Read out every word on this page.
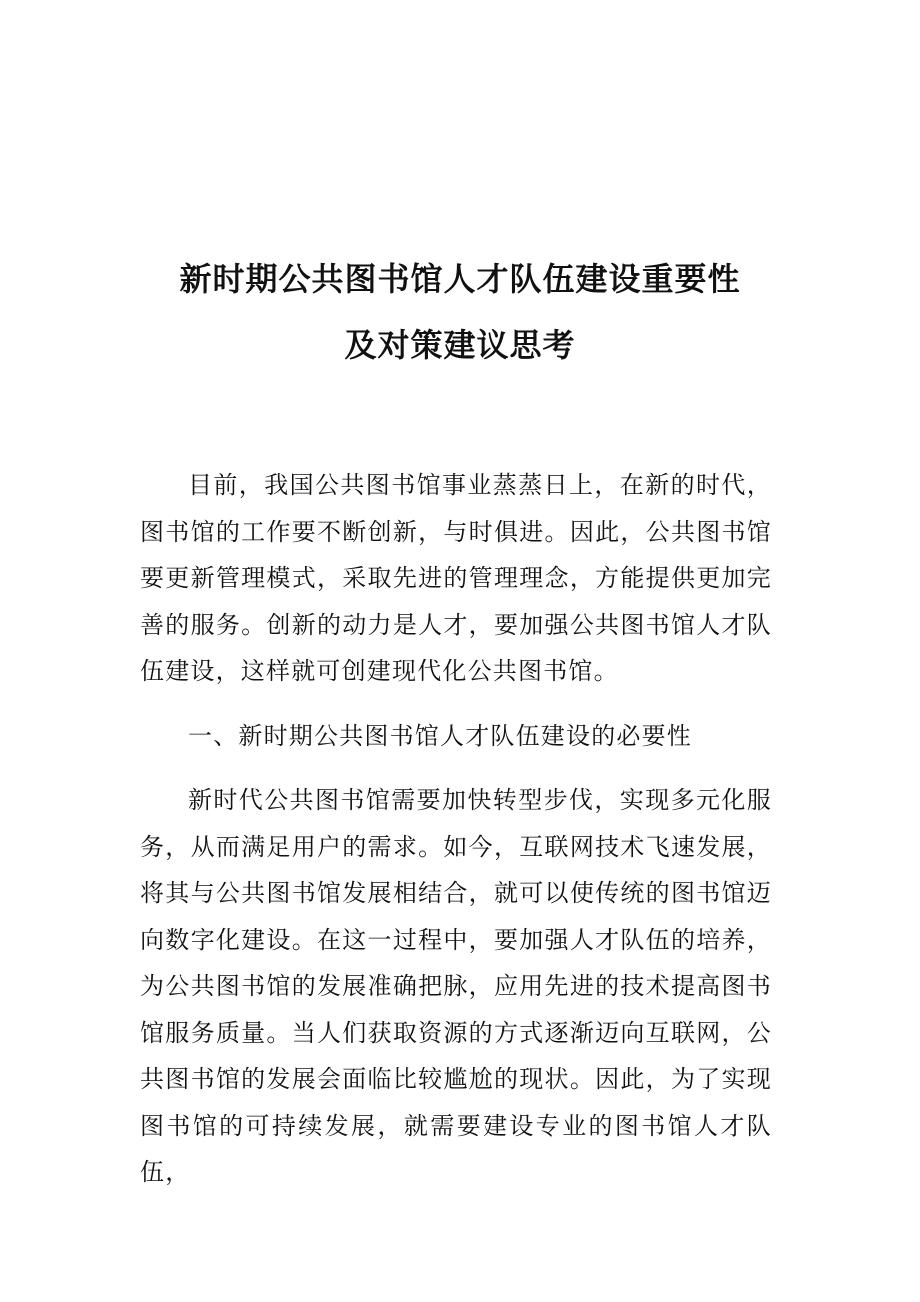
新时期公共图书馆人才队伍建设重要性
及对策建议思考

目前，我国公共图书馆事业蒸蒸日上，在新的时代，图书馆的工作要不断创新，与时俱进。因此，公共图书馆要更新管理模式，采取先进的管理理念，方能提供更加完善的服务。创新的动力是人才，要加强公共图书馆人才队伍建设，这样就可创建现代化公共图书馆。

一、新时期公共图书馆人才队伍建设的必要性

新时代公共图书馆需要加快转型步伐，实现多元化服务，从而满足用户的需求。如今，互联网技术飞速发展，将其与公共图书馆发展相结合，就可以使传统的图书馆迈向数字化建设。在这一过程中，要加强人才队伍的培养，为公共图书馆的发展准确把脉，应用先进的技术提高图书馆服务质量。当人们获取资源的方式逐渐迈向互联网，公共图书馆的发展会面临比较尴尬的现状。因此，为了实现图书馆的可持续发展，就需要建设专业的图书馆人才队伍，
